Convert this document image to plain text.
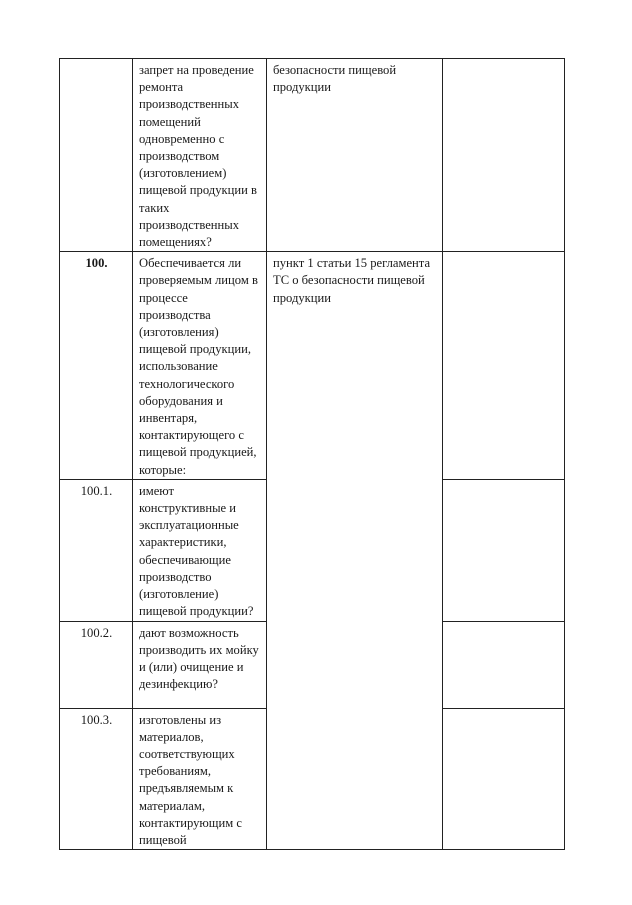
	запрет на проведение ремонта производственных помещений одновременно с производством (изготовлением) пищевой продукции в таких производственных помещениях?	безопасности пищевой продукции	
100.	Обеспечивается ли проверяемым лицом в процессе производства (изготовления) пищевой продукции, использование технологического оборудования и инвентаря, контактирующего с пищевой продукцией, которые:	пункт 1 статьи 15 регламента ТС о безопасности пищевой продукции	

100.1.	имеют конструктивные и эксплуатационные характеристики, обеспечивающие производство (изготовление) пищевой продукции?		
100.2.	дают возможность производить их мойку и (или) очищение и дезинфекцию?		
100.3.	изготовлены из материалов, соответствующих требованиям, предъявляемым к материалам, контактирующим с пищевой		
